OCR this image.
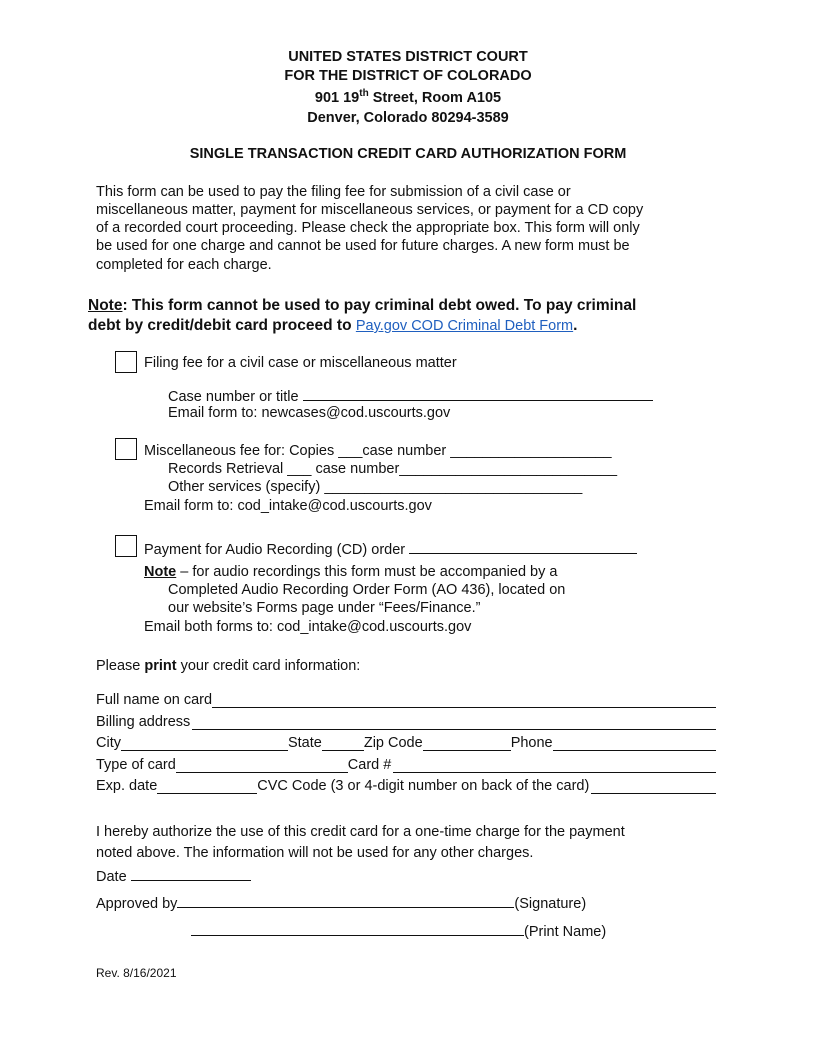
UNITED STATES DISTRICT COURT
FOR THE DISTRICT OF COLORADO
901 19th Street, Room A105
Denver, Colorado 80294-3589
SINGLE TRANSACTION CREDIT CARD AUTHORIZATION FORM
This form can be used to pay the filing fee for submission of a civil case or
miscellaneous matter, payment for miscellaneous services, or payment for a CD copy
of a recorded court proceeding. Please check the appropriate box. This form will only
be used for one charge and cannot be used for future charges. A new form must be
completed for each charge.
Note: This form cannot be used to pay criminal debt owed. To pay criminal
debt by credit/debit card proceed to Pay.gov COD Criminal Debt Form.
Filing fee for a civil case or miscellaneous matter
Case number or title
Email form to: newcases@cod.uscourts.gov
Miscellaneous fee for: Copies ___case number ____________________
Records Retrieval ___ case number___________________________
Other services (specify) ________________________________
Email form to: cod_intake@cod.uscourts.gov
Payment for Audio Recording (CD) order
Note – for audio recordings this form must be accompanied by a
Completed Audio Recording Order Form (AO 436), located on
our website’s Forms page under “Fees/Finance.”
Email both forms to: cod_intake@cod.uscourts.gov
Please print your credit card information:
Full name on card
Billing address
City	State	Zip Code	Phone
Type of card	Card #
Exp. date	CVC Code (3 or 4-digit number on back of the card)
I hereby authorize the use of this credit card for a one-time charge for the payment
noted above. The information will not be used for any other charges.
Date
Approved by	(Signature)
(Print Name)
Rev. 8/16/2021
